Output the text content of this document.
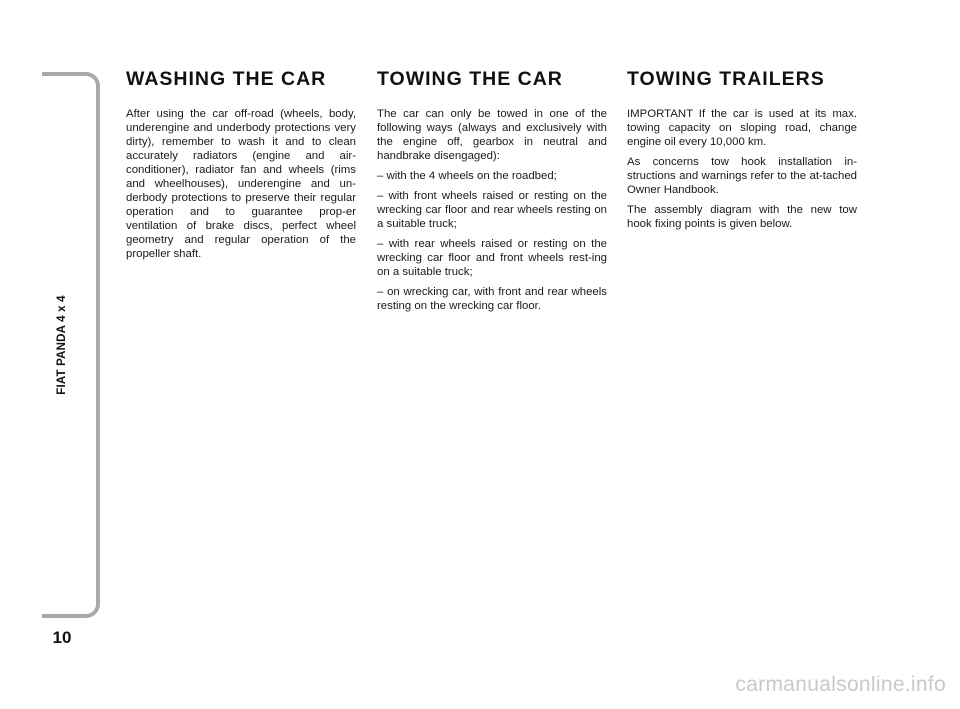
FIAT PANDA 4 x 4
10
WASHING THE CAR

After using the car off-road (wheels, body, underengine and underbody protections very dirty), remember to wash it and to clean accurately radiators (engine and air-conditioner), radiator fan and wheels (rims and wheelhouses), underengine and un-derbody protections to preserve their regular operation and to guarantee prop-er ventilation of brake discs, perfect wheel geometry and regular operation of the propeller shaft.

TOWING THE CAR

The car can only be towed in one of the following ways (always and exclusively with the engine off, gearbox in neutral and handbrake disengaged):

– with the 4 wheels on the roadbed;

– with front wheels raised or resting on the wrecking car floor and rear wheels resting on a suitable truck;

– with rear wheels raised or resting on the wrecking car floor and front wheels rest-ing on a suitable truck;

– on wrecking car, with front and rear wheels resting on the wrecking car floor.

TOWING TRAILERS

IMPORTANT If the car is used at its max. towing capacity on sloping road, change engine oil every 10,000 km.

As concerns tow hook installation in-structions and warnings refer to the at-tached Owner Handbook.

The assembly diagram with the new tow hook fixing points is given below.

carmanualsonline.info
